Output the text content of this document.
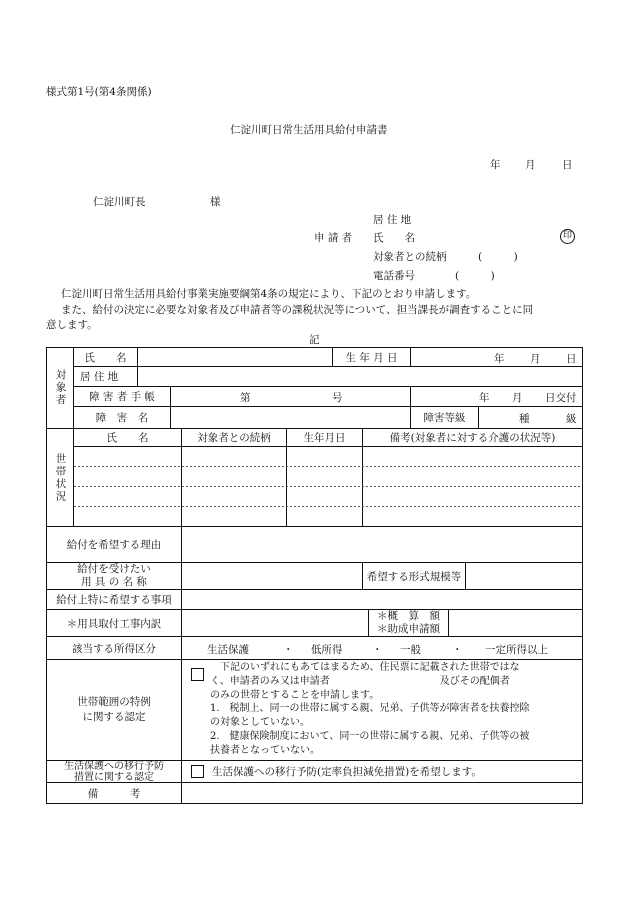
様式第1号(第4条関係)
仁淀川町日常生活用具給付申請書
年 月	日
仁淀川町長	様
居 住 地
申 請 者 氏　　名	印
対象者との続柄	(　　　)
電話番号	(　　　)
仁淀川町日常生活用具給付事業実施要綱第4条の規定により、下記のとおり申請します。
また、給付の決定に必要な対象者及び申請者等の課税状況等について、担当課長が調査することに同
意します。
記
対象者
氏　　名	生 年 月 日	年 月 日
居 住 地
障 害 者 手 帳	第	号	年 月 日交付
障　害　名	障害等級	種	級
世帯状況
氏　　名	対象者との続柄	生年月日	備考(対象者に対する介護の状況等)
給付を希望する理由
給付を受けたい
用 具 の 名 称	希望する形式規模等
給付上特に希望する事項
＊用具取付工事内訳
＊概　算　額
＊助成申請額
該当する所得区分	生活保護	・ 低所得	・ 一般	・ 一定所得以上
世帯範囲の特例
に関する認定
下記のいずれにもあてはまるため、住民票に記載された世帯ではな
く、申請者のみ又は申請者　　　　　　　　　　　及びその配偶者
のみの世帯とすることを申請します。
1.　税制上、同一の世帯に属する親、兄弟、子供等が障害者を扶養控除
の対象としていない。
2.　健康保険制度において、同一の世帯に属する親、兄弟、子供等の被
扶養者となっていない。
生活保護への移行予防
措置に関する認定	生活保護への移行予防(定率負担減免措置)を希望します。
備　　　考
